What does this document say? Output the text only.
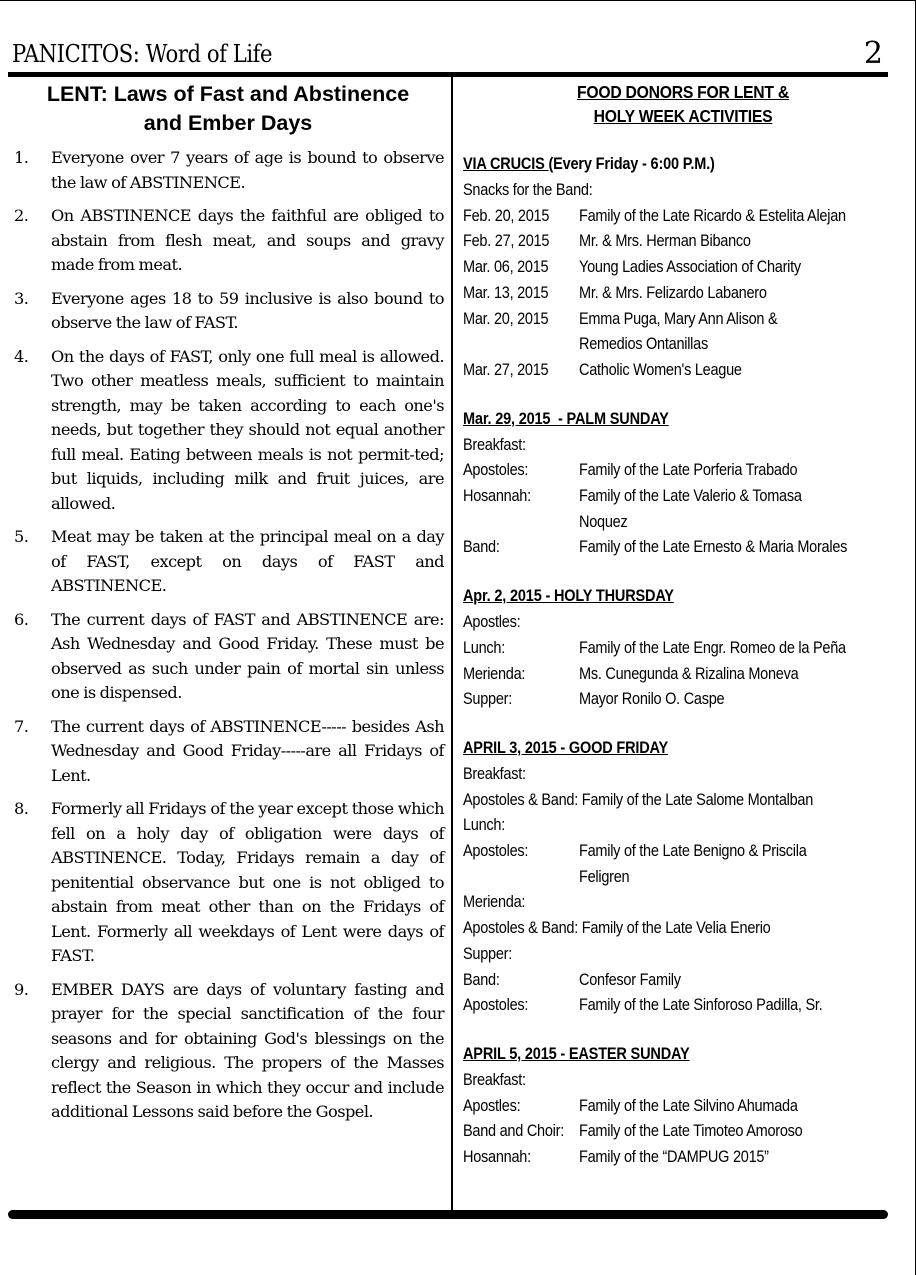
PANICITOS: Word of Life	2
LENT: Laws of Fast and Abstinence
and Ember Days
1. Everyone over 7 years of age is bound to observe the law of ABSTINENCE.
2. On ABSTINENCE days the faithful are obliged to abstain from flesh meat, and soups and gravy made from meat.
3. Everyone ages 18 to 59 inclusive is also bound to observe the law of FAST.
4. On the days of FAST, only one full meal is allowed. Two other meatless meals, sufficient to maintain strength, may be taken according to each one's needs, but together they should not equal another full meal. Eating between meals is not permit-ted; but liquids, including milk and fruit juices, are allowed.
5. Meat may be taken at the principal meal on a day of FAST, except on days of FAST and ABSTINENCE.
6. The current days of FAST and ABSTINENCE are: Ash Wednesday and Good Friday. These must be observed as such under pain of mortal sin unless one is dispensed.
7. The current days of ABSTINENCE----- besides Ash Wednesday and Good Friday-----are all Fridays of Lent.
8. Formerly all Fridays of the year except those which fell on a holy day of obligation were days of ABSTINENCE. Today, Fridays remain a day of penitential observance but one is not obliged to abstain from meat other than on the Fridays of Lent. Formerly all weekdays of Lent were days of FAST.
9. EMBER DAYS are days of voluntary fasting and prayer for the special sanctification of the four seasons and for obtaining God's blessings on the clergy and religious. The propers of the Masses reflect the Season in which they occur and include additional Lessons said before the Gospel.
FOOD DONORS FOR LENT &
HOLY WEEK ACTIVITIES
VIA CRUCIS (Every Friday - 6:00 P.M.)
Snacks for the Band:
Feb. 20, 2015	Family of the Late Ricardo & Estelita Alejan
Feb. 27, 2015	Mr. & Mrs. Herman Bibanco
Mar. 06, 2015	Young Ladies Association of Charity
Mar. 13, 2015	Mr. & Mrs. Felizardo Labanero
Mar. 20, 2015	Emma Puga, Mary Ann Alison &
Remedios Ontanillas
Mar. 27, 2015	Catholic Women's League
Mar. 29, 2015  - PALM SUNDAY
Breakfast:
Apostoles:	Family of the Late Porferia Trabado
Hosannah:	Family of the Late Valerio & Tomasa
Noquez
Band:	Family of the Late Ernesto & Maria Morales
Apr. 2, 2015 - HOLY THURSDAY
Apostles:
Lunch:	Family of the Late Engr. Romeo de la Peña
Merienda:	Ms. Cunegunda & Rizalina Moneva
Supper:	Mayor Ronilo O. Caspe
APRIL 3, 2015 - GOOD FRIDAY
Breakfast:
Apostoles & Band: Family of the Late Salome Montalban
Lunch:
Apostoles:	Family of the Late Benigno & Priscila
Feligren
Merienda:
Apostoles & Band: Family of the Late Velia Enerio
Supper:
Band:	Confesor Family
Apostoles:	Family of the Late Sinforoso Padilla, Sr.
APRIL 5, 2015 - EASTER SUNDAY
Breakfast:
Apostles:	Family of the Late Silvino Ahumada
Band and Choir: Family of the Late Timoteo Amoroso
Hosannah:	Family of the “DAMPUG 2015”
